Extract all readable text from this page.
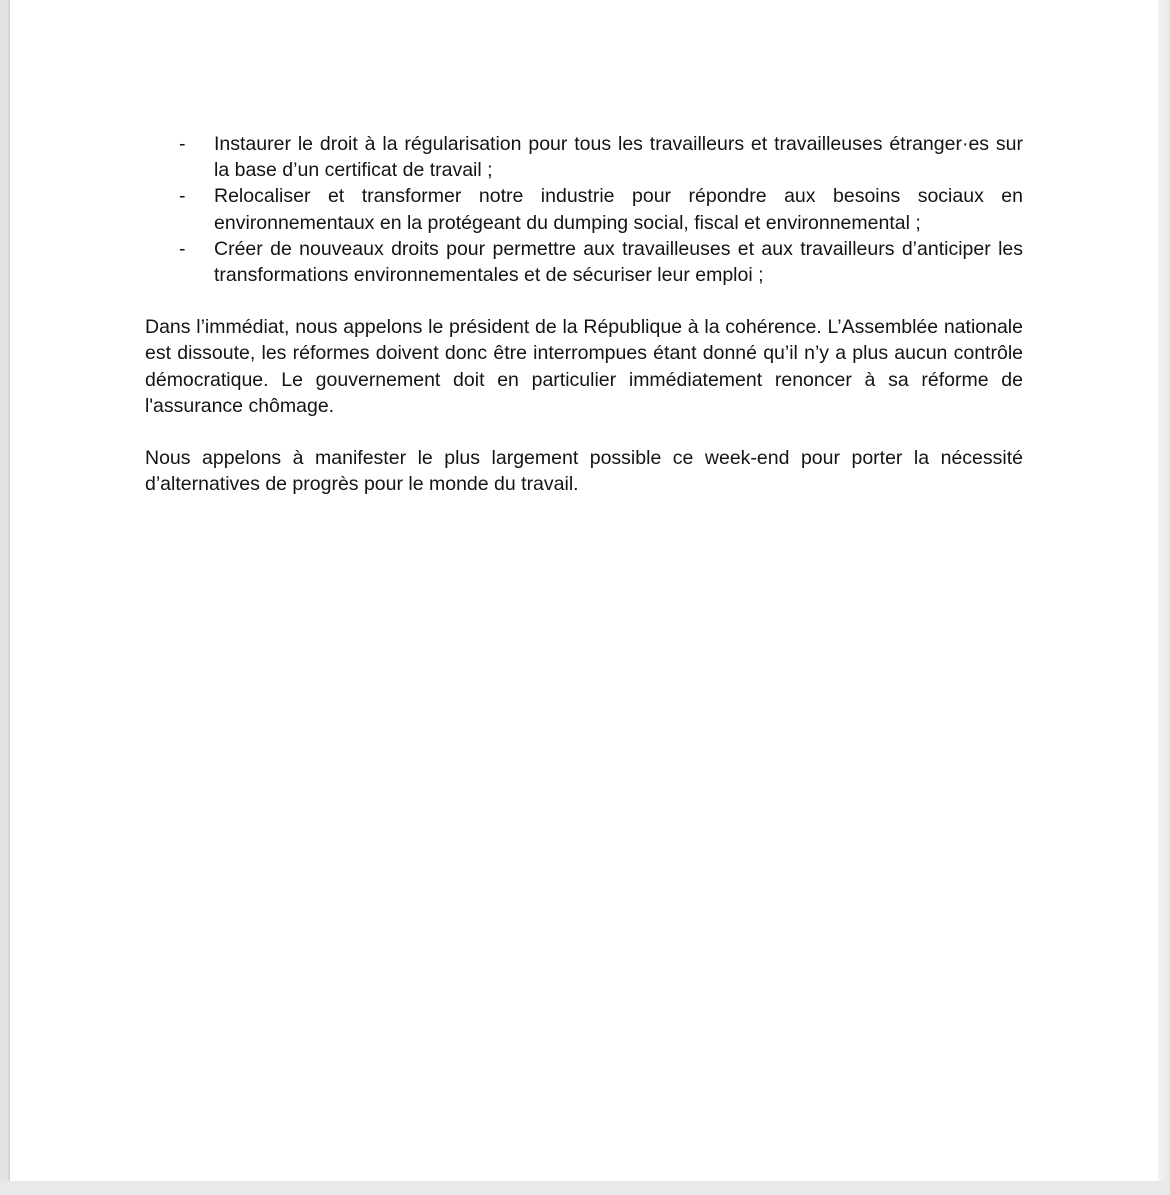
- Instaurer le droit à la régularisation pour tous les travailleurs et travailleuses étranger·es sur la base d’un certificat de travail ;
- Relocaliser et transformer notre industrie pour répondre aux besoins sociaux en environnementaux en la protégeant du dumping social, fiscal et environnemental ;
- Créer de nouveaux droits pour permettre aux travailleuses et aux travailleurs d’anticiper les transformations environnementales et de sécuriser leur emploi ;

Dans l’immédiat, nous appelons le président de la République à la cohérence. L’Assemblée nationale est dissoute, les réformes doivent donc être interrompues étant donné qu’il n’y a plus aucun contrôle démocratique. Le gouvernement doit en particulier immédiatement renoncer à sa réforme de l'assurance chômage.

Nous appelons à manifester le plus largement possible ce week-end pour porter la nécessité d’alternatives de progrès pour le monde du travail.
